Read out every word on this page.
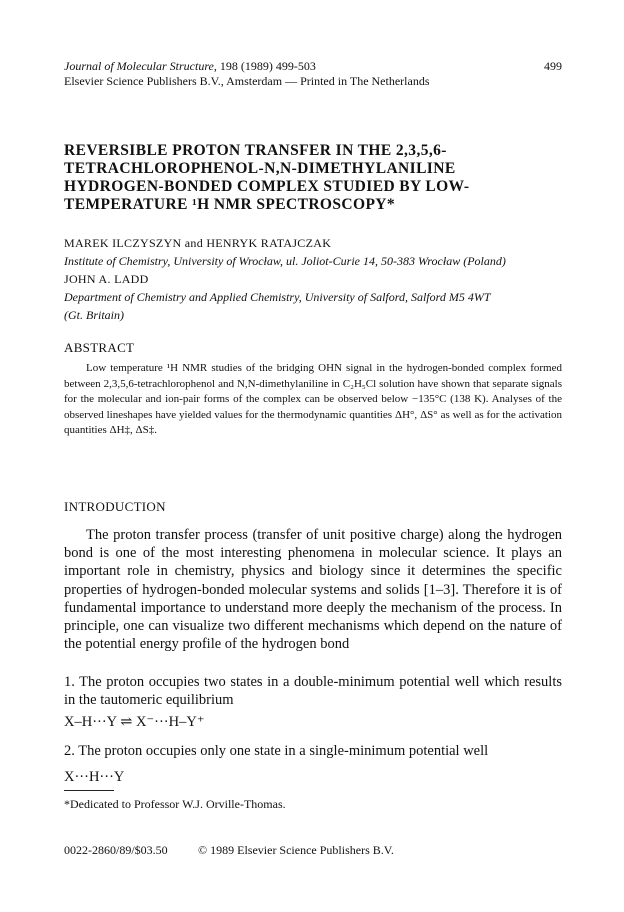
Journal of Molecular Structure, 198 (1989) 499-503	499
Elsevier Science Publishers B.V., Amsterdam — Printed in The Netherlands
REVERSIBLE PROTON TRANSFER IN THE 2,3,5,6-
TETRACHLOROPHENOL-N,N-DIMETHYLANILINE
HYDROGEN-BONDED COMPLEX STUDIED BY LOW-
TEMPERATURE ¹H NMR SPECTROSCOPY*
MAREK ILCZYSZYN and HENRYK RATAJCZAK
Institute of Chemistry, University of Wrocław, ul. Joliot-Curie 14, 50-383 Wrocław (Poland)
JOHN A. LADD
Department of Chemistry and Applied Chemistry, University of Salford, Salford M5 4WT
(Gt. Britain)
ABSTRACT
Low temperature ¹H NMR studies of the bridging OHN signal in the hydrogen-bonded complex formed between 2,3,5,6-tetrachlorophenol and N,N-dimethylaniline in C₂H₅Cl solution have shown that separate signals for the molecular and ion-pair forms of the complex can be observed below −135°C (138 K). Analyses of the observed lineshapes have yielded values for the thermodynamic quantities ΔH°, ΔS° as well as for the activation quantities ΔH‡, ΔS‡.
INTRODUCTION
The proton transfer process (transfer of unit positive charge) along the hydrogen bond is one of the most interesting phenomena in molecular science. It plays an important role in chemistry, physics and biology since it determines the specific properties of hydrogen-bonded molecular systems and solids [1–3]. Therefore it is of fundamental importance to understand more deeply the mechanism of the process. In principle, one can visualize two different mechanisms which depend on the nature of the potential energy profile of the hydrogen bond
1. The proton occupies two states in a double-minimum potential well which results in the tautomeric equilibrium
X–H···Y ⇌ X⁻···H–Y⁺
2. The proton occupies only one state in a single-minimum potential well
X···H···Y
*Dedicated to Professor W.J. Orville-Thomas.
0022-2860/89/$03.50	© 1989 Elsevier Science Publishers B.V.
